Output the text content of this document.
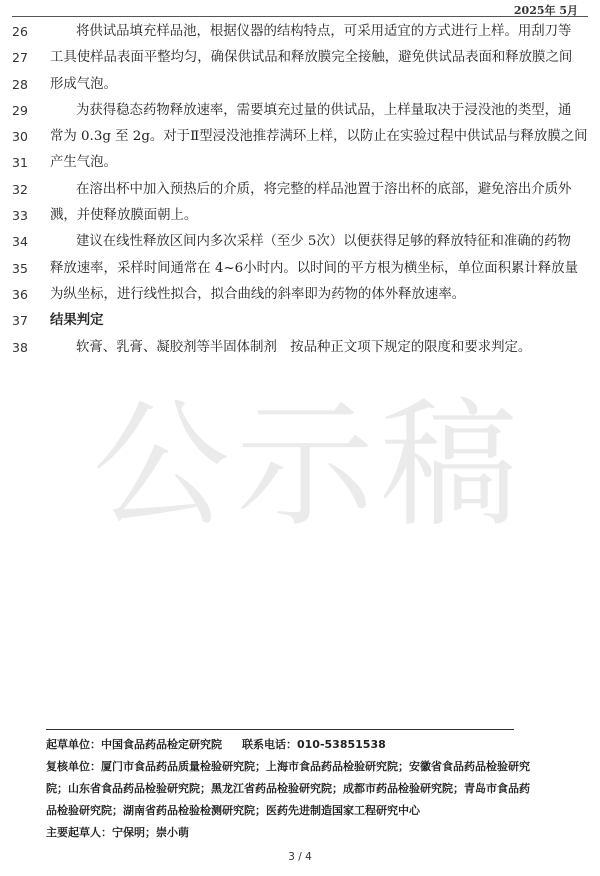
2025年 5月
公示稿
26	将供试品填充样品池，根据仪器的结构特点，可采用适宜的方式进行上样。用刮刀等
27	工具使样品表面平整均匀，确保供试品和释放膜完全接触，避免供试品表面和释放膜之间
28	形成气泡。
29	为获得稳态药物释放速率，需要填充过量的供试品，上样量取决于浸没池的类型，通
30	常为 0.3g 至 2g。对于Ⅱ型浸没池推荐满环上样，以防止在实验过程中供试品与释放膜之间
31	产生气泡。
32	在溶出杯中加入预热后的介质，将完整的样品池置于溶出杯的底部，避免溶出介质外
33	溅，并使释放膜面朝上。
34	建议在线性释放区间内多次采样（至少 5次）以便获得足够的释放特征和准确的药物
35	释放速率，采样时间通常在 4~6小时内。以时间的平方根为横坐标，单位面积累计释放量
36	为纵坐标，进行线性拟合，拟合曲线的斜率即为药物的体外释放速率。
37	结果判定
38	软膏、乳膏、凝胶剂等半固体制剂　按品种正文项下规定的限度和要求判定。

起草单位：中国食品药品检定研究院 联系电话：010-53851538

复核单位：厦门市食品药品质量检验研究院；上海市食品药品检验研究院；安徽省食品药品检验研究

院；山东省食品药品检验研究院；黑龙江省药品检验研究院；成都市药品检验研究院；青岛市食品药

品检验研究院；湖南省药品检验检测研究院；医药先进制造国家工程研究中心

主要起草人：宁保明；崇小萌

3 / 4
